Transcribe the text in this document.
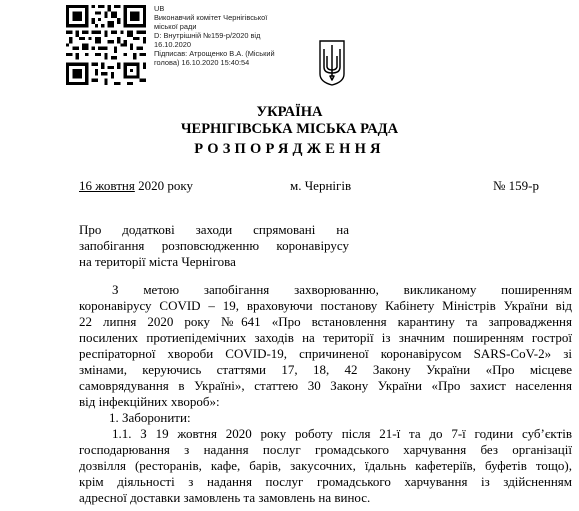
UB
Виконавчий комітет Чернігівської
міської ради
D: Внутрішній №159-р/2020 від
16.10.2020
Підписав: Атрощенко В.А. (Міський
голова) 16.10.2020 15:40:54
УКРАЇНА
ЧЕРНІГІВСЬКА МІСЬКА РАДА
РОЗПОРЯДЖЕННЯ
16 жовтня 2020 року	м. Чернігів	№ 159-р
Про додаткові заходи спрямовані на
запобігання розповсюдженню коронавірусу
на території міста Чернігова
З метою запобігання захворюванню, викликаному поширенням
коронавірусу COVID – 19, враховуючи постанову Кабінету Міністрів України від
22 липня 2020 року №641 «Про встановлення карантину та запровадження
посилених протиепідемічних заходів на території із значним поширенням гострої
респіраторної хвороби COVID-19, спричиненої коронавірусом SARS-CoV-2» зі
змінами, керуючись статтями 17, 18, 42 Закону України «Про місцеве
самоврядування в Україні», статтею 30 Закону України «Про захист населення
від інфекційних хвороб»:
1. Заборонити:
1.1. З 19 жовтня 2020 року роботу після 21-ї та до 7-ї години суб’єктів
господарювання з надання послуг громадського харчування без організації
дозвілля (ресторанів, кафе, барів, закусочних, їдальнь кафетеріїв, буфетів тощо),
крім діяльності з надання послуг громадського харчування із здійсненням
адресної доставки замовлень та замовлень на винос.
